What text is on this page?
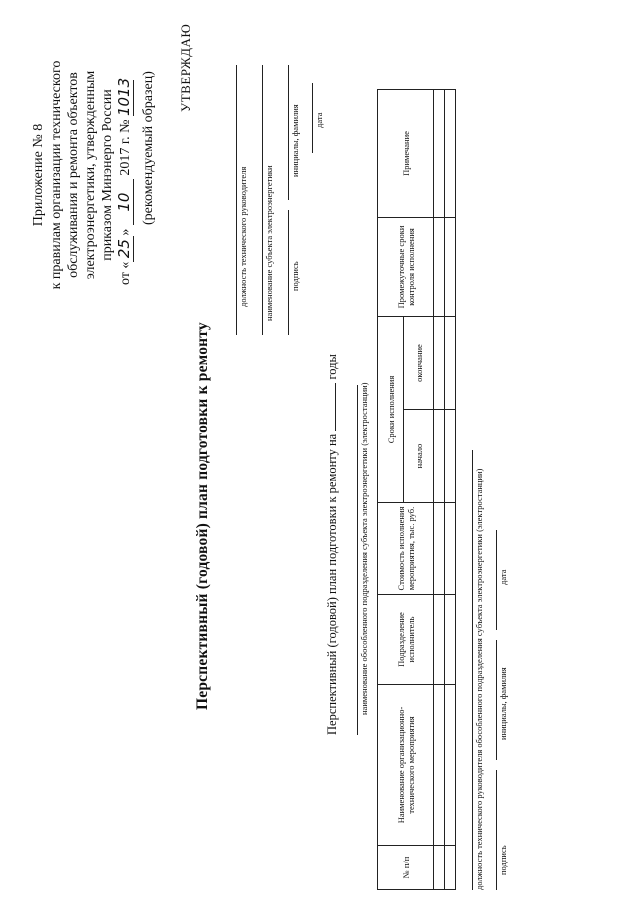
Приложение № 8 к правилам организации технического обслуживания и ремонта объектов электроэнергетики, утвержденным приказом Минэнерго России
от «25» 10 2017 г. № 1013 (рекомендуемый образец)
УТВЕРЖДАЮ
должность технического руководителя наименование субъекта электроэнергетики подпись
инициалы, фамилия дата
Перспективный (годовой) план подготовки к ремонту	Перспективный (годовой) план подготовки к ремонту на  годы
наименование обособленного подразделения субъекта электроэнергетики (электростанции)
№ п/п	Наименование организационно-технического мероприятия	Подразделение исполнитель	Стоимость исполнения мероприятия, тыс. руб.	Сроки исполнения		Промежуточные сроки контроля исполнения	Примечание
				начало	окончание		

должность технического руководителя обособленного подразделения субъекта электроэнергетики (электростанции) подпись
инициалы, фамилия
дата
